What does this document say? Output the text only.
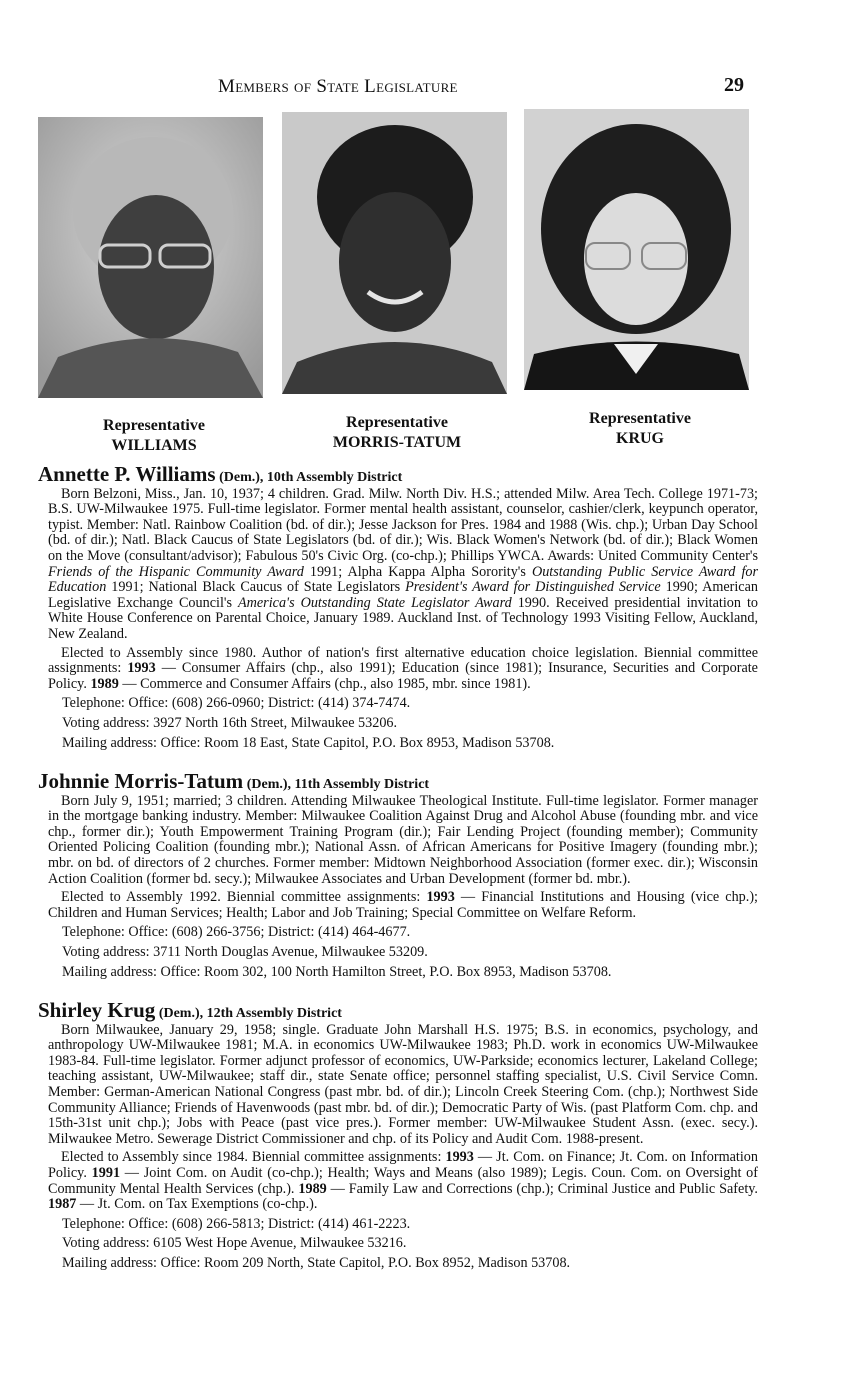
Members of State Legislature	29
Representative
WILLIAMS
Representative
MORRIS-TATUM
Representative
KRUG

Annette P. Williams (Dem.), 10th Assembly District

Born Belzoni, Miss., Jan. 10, 1937; 4 children. Grad. Milw. North Div. H.S.; attended Milw. Area Tech. College 1971-73; B.S. UW-Milwaukee 1975. Full-time legislator. Former mental health assistant, counselor, cashier/clerk, keypunch operator, typist. Member: Natl. Rainbow Coalition (bd. of dir.); Jesse Jackson for Pres. 1984 and 1988 (Wis. chp.); Urban Day School (bd. of dir.); Natl. Black Caucus of State Legislators (bd. of dir.); Wis. Black Women's Network (bd. of dir.); Black Women on the Move (consultant/advisor); Fabulous 50's Civic Org. (co-chp.); Phillips YWCA. Awards: United Community Center's Friends of the Hispanic Community Award 1991; Alpha Kappa Alpha Sorority's Outstanding Public Service Award for Education 1991; National Black Caucus of State Legislators President's Award for Distinguished Service 1990; American Legislative Exchange Council's America's Outstanding State Legislator Award 1990. Received presidential invitation to White House Conference on Parental Choice, January 1989. Auckland Inst. of Technology 1993 Visiting Fellow, Auckland, New Zealand.

Elected to Assembly since 1980. Author of nation's first alternative education choice legislation. Biennial committee assignments: 1993 — Consumer Affairs (chp., also 1991); Education (since 1981); Insurance, Securities and Corporate Policy. 1989 — Commerce and Consumer Affairs (chp., also 1985, mbr. since 1981).

Telephone: Office: (608) 266-0960; District: (414) 374-7474.

Voting address: 3927 North 16th Street, Milwaukee 53206.

Mailing address: Office: Room 18 East, State Capitol, P.O. Box 8953, Madison 53708.

Johnnie Morris-Tatum (Dem.), 11th Assembly District

Born July 9, 1951; married; 3 children. Attending Milwaukee Theological Institute. Full-time legislator. Former manager in the mortgage banking industry. Member: Milwaukee Coalition Against Drug and Alcohol Abuse (founding mbr. and vice chp., former dir.); Youth Empowerment Training Program (dir.); Fair Lending Project (founding member); Community Oriented Policing Coalition (founding mbr.); National Assn. of African Americans for Positive Imagery (founding mbr.); mbr. on bd. of directors of 2 churches. Former member: Midtown Neighborhood Association (former exec. dir.); Wisconsin Action Coalition (former bd. secy.); Milwaukee Associates and Urban Development (former bd. mbr.).

Elected to Assembly 1992. Biennial committee assignments: 1993 — Financial Institutions and Housing (vice chp.); Children and Human Services; Health; Labor and Job Training; Special Committee on Welfare Reform.

Telephone: Office: (608) 266-3756; District: (414) 464-4677.

Voting address: 3711 North Douglas Avenue, Milwaukee 53209.

Mailing address: Office: Room 302, 100 North Hamilton Street, P.O. Box 8953, Madison 53708.

Shirley Krug (Dem.), 12th Assembly District

Born Milwaukee, January 29, 1958; single. Graduate John Marshall H.S. 1975; B.S. in economics, psychology, and anthropology UW-Milwaukee 1981; M.A. in economics UW-Milwaukee 1983; Ph.D. work in economics UW-Milwaukee 1983-84. Full-time legislator. Former adjunct professor of economics, UW-Parkside; economics lecturer, Lakeland College; teaching assistant, UW-Milwaukee; staff dir., state Senate office; personnel staffing specialist, U.S. Civil Service Comn. Member: German-American National Congress (past mbr. bd. of dir.); Lincoln Creek Steering Com. (chp.); Northwest Side Community Alliance; Friends of Havenwoods (past mbr. bd. of dir.); Democratic Party of Wis. (past Platform Com. chp. and 15th-31st unit chp.); Jobs with Peace (past vice pres.). Former member: UW-Milwaukee Student Assn. (exec. secy.). Milwaukee Metro. Sewerage District Commissioner and chp. of its Policy and Audit Com. 1988-present.

Elected to Assembly since 1984. Biennial committee assignments: 1993 — Jt. Com. on Finance; Jt. Com. on Information Policy. 1991 — Joint Com. on Audit (co-chp.); Health; Ways and Means (also 1989); Legis. Coun. Com. on Oversight of Community Mental Health Services (chp.). 1989 — Family Law and Corrections (chp.); Criminal Justice and Public Safety. 1987 — Jt. Com. on Tax Exemptions (co-chp.).

Telephone: Office: (608) 266-5813; District: (414) 461-2223.

Voting address: 6105 West Hope Avenue, Milwaukee 53216.

Mailing address: Office: Room 209 North, State Capitol, P.O. Box 8952, Madison 53708.
